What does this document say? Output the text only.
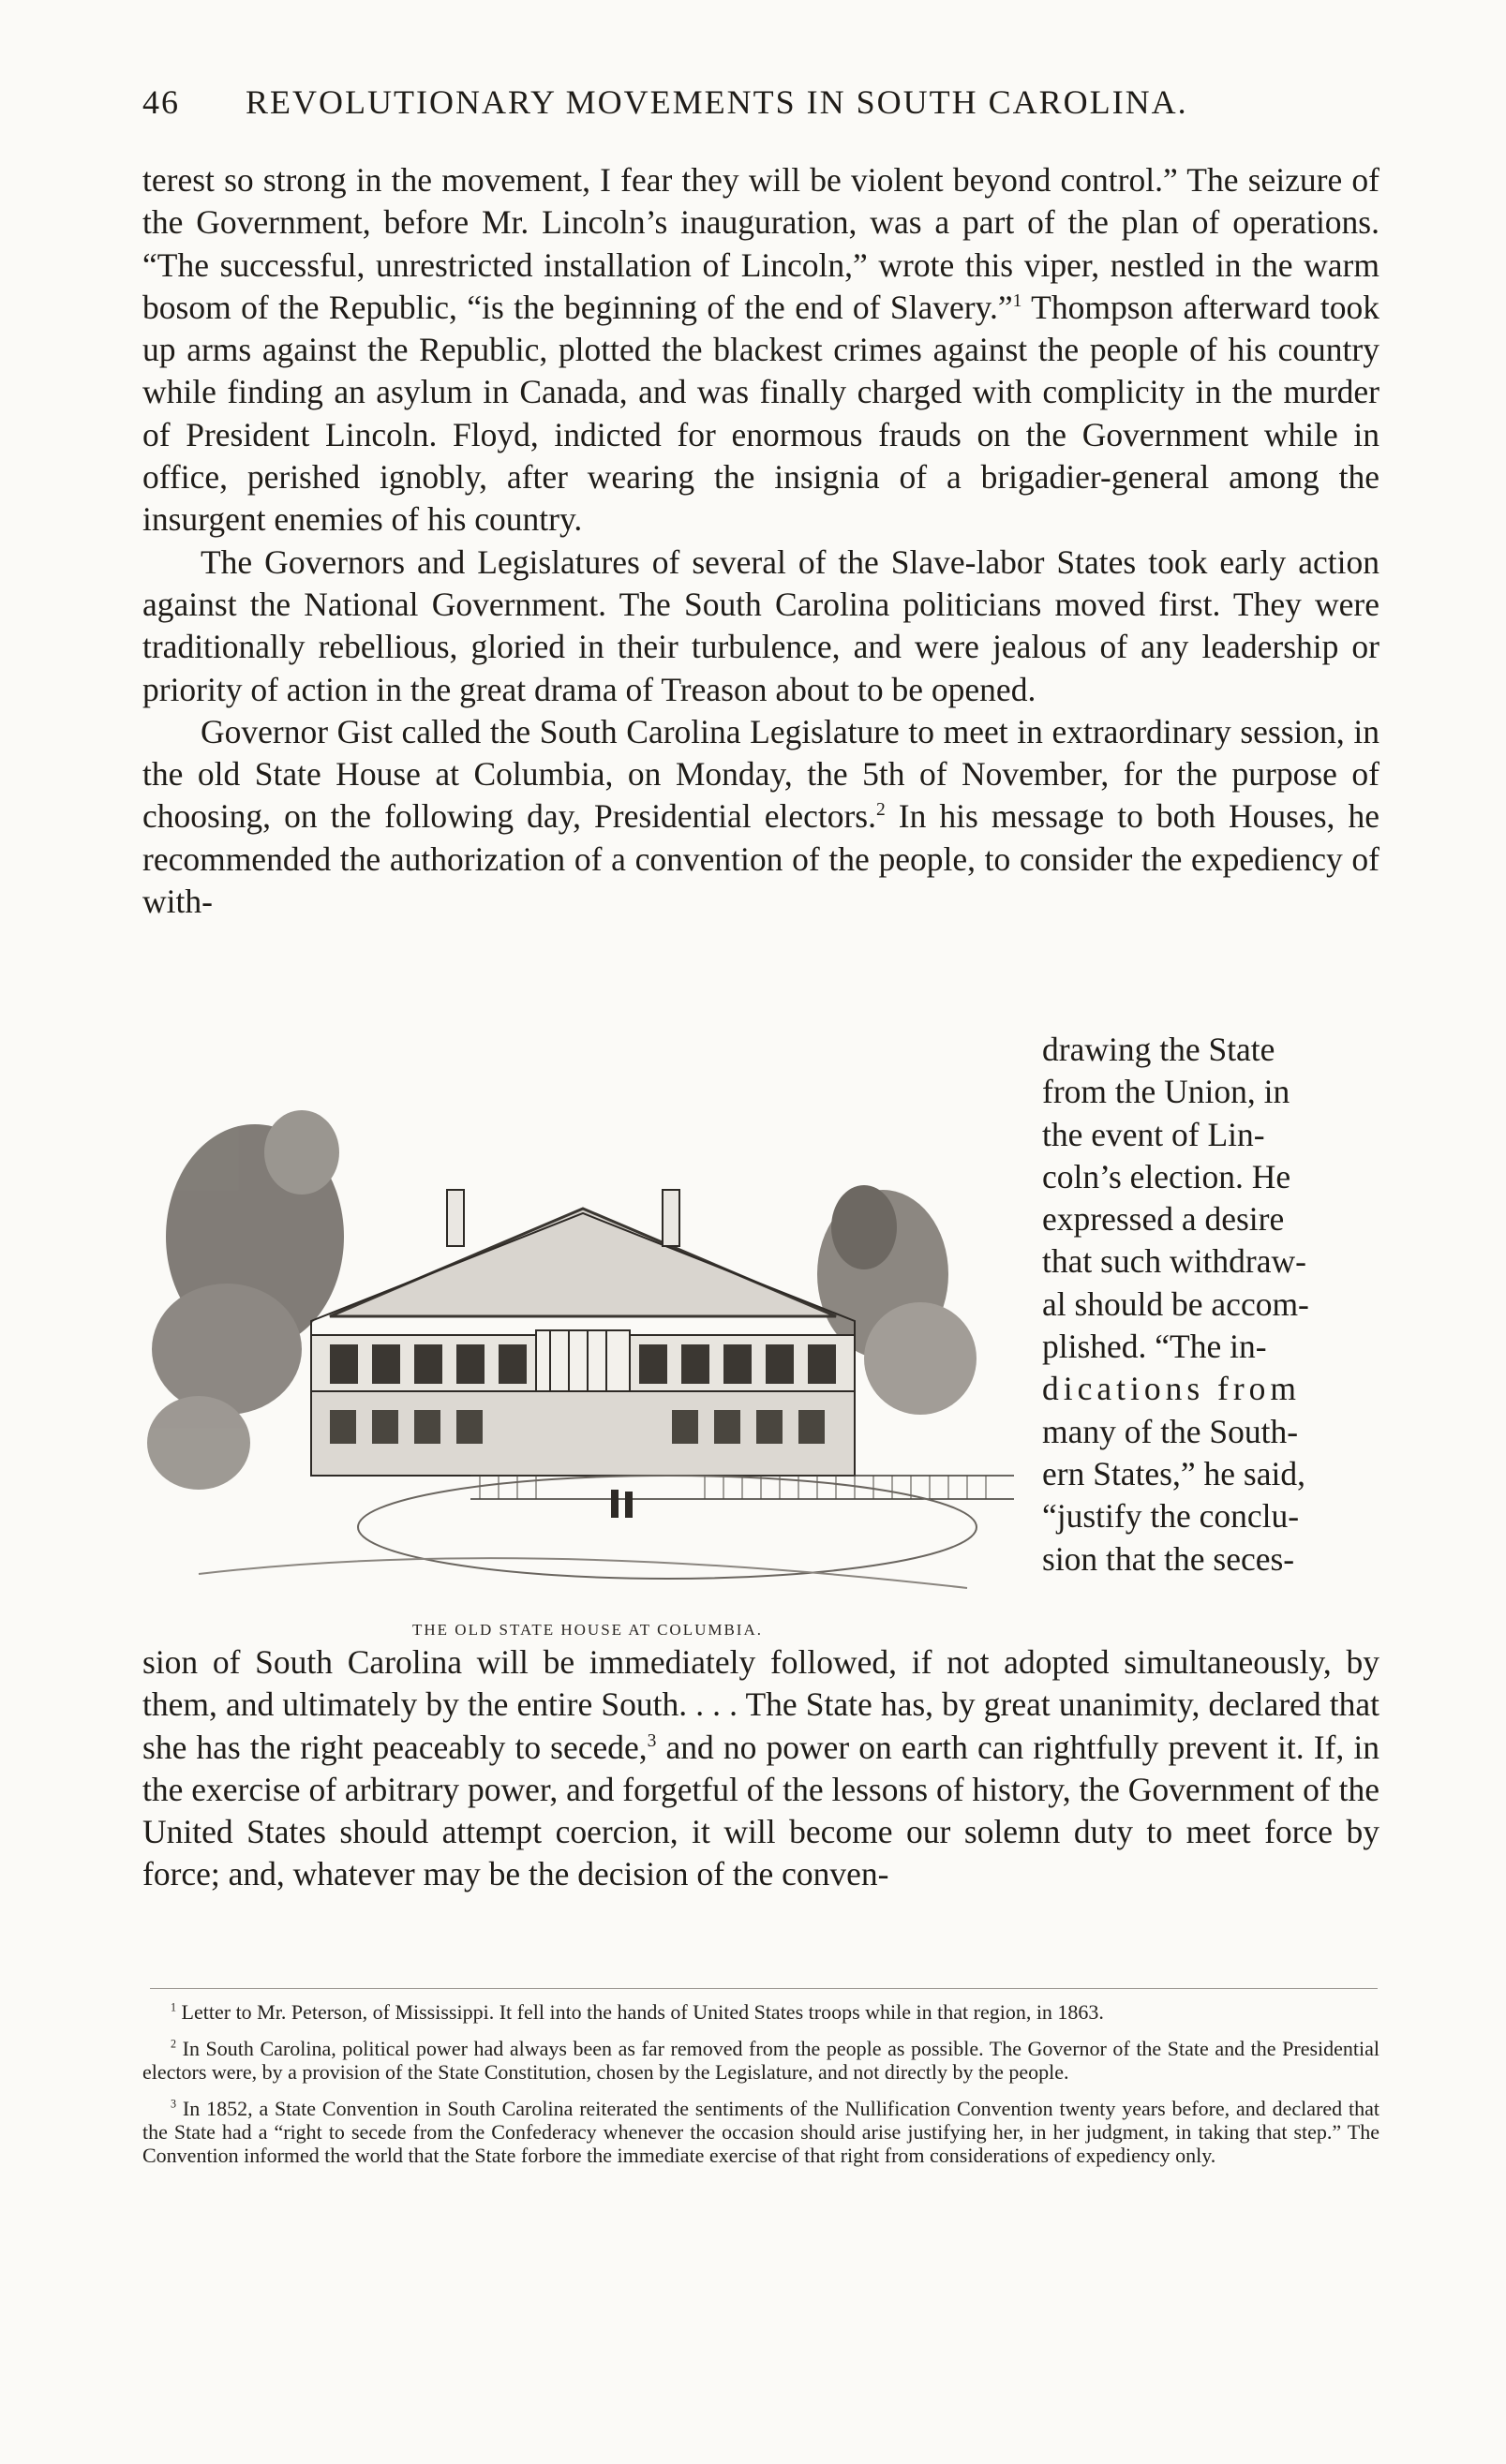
46 REVOLUTIONARY MOVEMENTS IN SOUTH CAROLINA.

terest so strong in the movement, I fear they will be violent beyond control.” The seizure of the Government, before Mr. Lincoln’s inauguration, was a part of the plan of operations. “The successful, unrestricted installation of Lincoln,” wrote this viper, nestled in the warm bosom of the Republic, “is the beginning of the end of Slavery.”$^1$ Thompson afterward took up arms against the Republic, plotted the blackest crimes against the people of his country while finding an asylum in Canada, and was finally charged with complicity in the murder of President Lincoln. Floyd, indicted for enormous frauds on the Government while in office, perished ignobly, after wearing the insignia of a brigadier-general among the insurgent enemies of his country.

The Governors and Legislatures of several of the Slave-labor States took early action against the National Government. The South Carolina politicians moved first. They were traditionally rebellious, gloried in their turbulence, and were jealous of any leadership or priority of action in the great drama of Treason about to be opened.

Governor Gist called the South Carolina Legislature to meet in extraordinary session, in the old State House at Columbia, on Monday, the 5th of November, for the purpose of choosing, on the following day, Presidential electors.$^2$ In his message to both Houses, he recommended the authorization of a convention of the people, to consider the expediency of with-

THE OLD STATE HOUSE AT COLUMBIA.
drawing the State
from the Union, in
the event of Lin-
coln’s election. He
expressed a desire
that such withdraw-
al should be accom-
plished. “The in-
dications from
many of the South-
ern States,” he said,
“justify the conclu-
sion that the seces-

sion of South Carolina will be immediately followed, if not adopted simultaneously, by them, and ultimately by the entire South. . . . The State has, by great unanimity, declared that she has the right peaceably to secede,$^3$ and no power on earth can rightfully prevent it. If, in the exercise of arbitrary power, and forgetful of the lessons of history, the Government of the United States should attempt coercion, it will become our solemn duty to meet force by force; and, whatever may be the decision of the conven-

$^1$ Letter to Mr. Peterson, of Mississippi. It fell into the hands of United States troops while in that region, in 1863.

$^2$ In South Carolina, political power had always been as far removed from the people as possible. The Governor of the State and the Presidential electors were, by a provision of the State Constitution, chosen by the Legislature, and not directly by the people.

$^3$ In 1852, a State Convention in South Carolina reiterated the sentiments of the Nullification Convention twenty years before, and declared that the State had a “right to secede from the Confederacy whenever the occasion should arise justifying her, in her judgment, in taking that step.” The Convention informed the world that the State forbore the immediate exercise of that right from considerations of expediency only.
